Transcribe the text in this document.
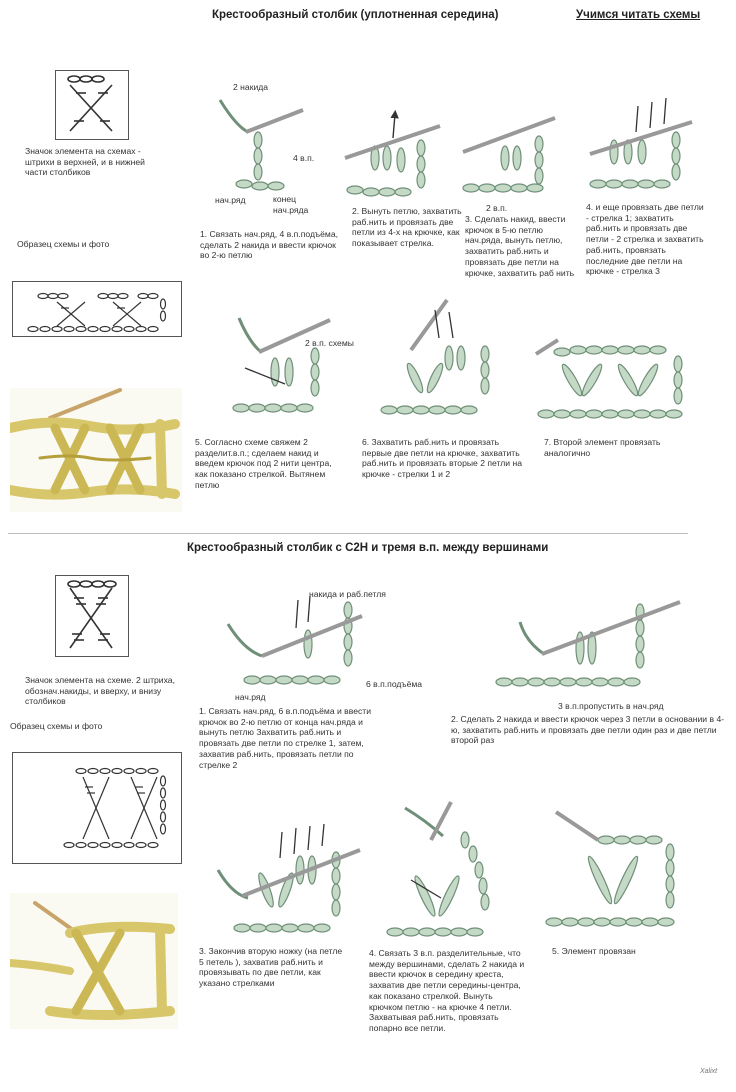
Крестообразный столбик (уплотненная середина)	Учимся читать схемы
Значок элемента на схемах - штрихи в верхней, и в нижней части столбиков
Образец схемы и фото
2 накида
4 в.п.
нач.ряд	конец нач.ряда
1. Связать нач.ряд, 4 в.п.подъёма, сделать 2 накида и ввести крючок во 2-ю петлю
2. Вынуть петлю, захватить раб.нить и провязать две петли из 4-х на крючке, как показывает стрелка.
2 в.п.
3. Сделать накид, ввести крючок в 5-ю петлю нач.ряда, вынуть петлю, захватить раб.нить и провязать две петли на крючке, захватить раб нить
4. и еще провязать две петли - стрелка 1; захватить раб.нить и провязать две петли - 2 стрелка и захватить раб.нить, провязать последние две петли на крючке - стрелка 3
2 в.п. схемы
5. Согласно схеме свяжем 2 разделит.в.п.; сделаем накид и введем крючок под 2 нити центра, как показано стрелкой. Вытянем петлю
6. Захватить раб.нить и провязать первые две петли на крючке, захватить раб.нить и провязать вторые 2 петли на крючке - стрелки 1 и 2
7. Второй элемент провязать аналогично
Крестообразный столбик с С2Н и тремя в.п. между вершинами
Значок элемента на схеме. 2 штриха, обознач.накиды, и вверху, и внизу столбиков
Образец схемы и фото
накида и раб.петля
нач.ряд
6 в.п.подъёма
1. Связать нач.ряд, 6 в.п.подъёма и ввести крючок во 2-ю петлю от конца нач.ряда и вынуть петлю Захватить раб.нить и провязать две петли по стрелке 1, затем, захватив раб.нить, провязать петли по стрелке 2
3 в.п.пропустить в нач.ряд
2. Сделать 2 накида и ввести крючок через 3 петли в основании в 4-ю, захватить раб.нить и провязать две петли один раз и две петли второй раз
3. Закончив вторую ножку (на петле 5 петель ), захватив раб.нить и провязывать по две петли, как указано стрелками
4. Связать 3 в.п. разделительные, что между вершинами, сделать 2 накида и ввести крючок в середину креста, захватив две петли середины-центра, как показано стрелкой. Вынуть крючком петлю - на крючке 4 петли. Захватывая раб.нить, провязать попарно все петли.
5. Элемент провязан
Xalixt
